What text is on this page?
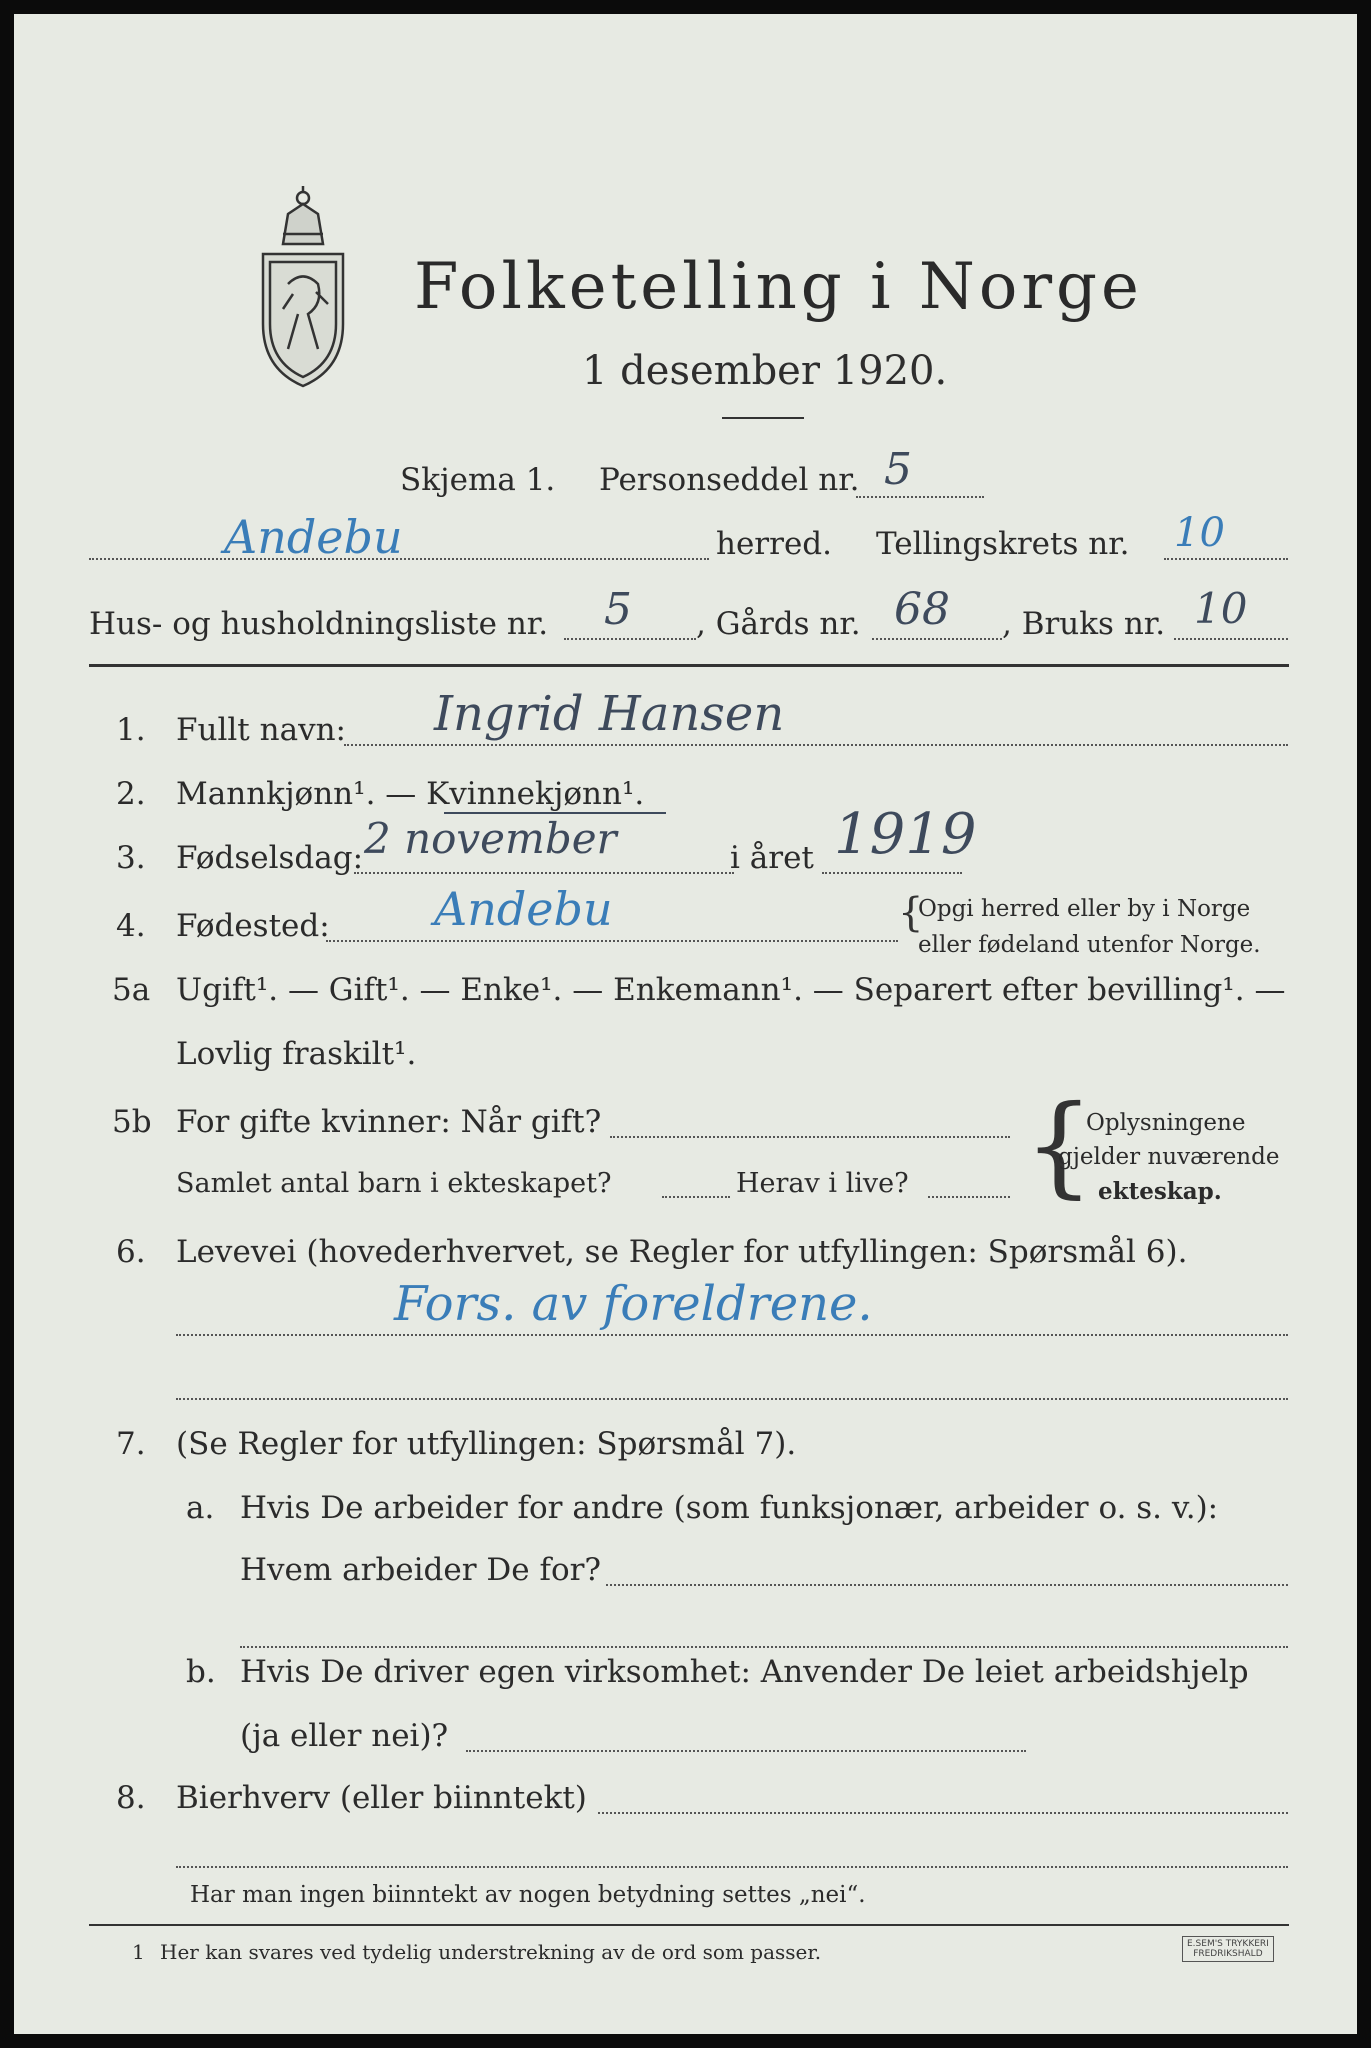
Folketelling i Norge
1 desember 1920.
Skjema 1. Personseddel nr. 5
Andebu	herred. Tellingskrets nr. 10
Hus- og husholdningsliste nr. 5 , Gårds nr. 68 , Bruks nr. 10
1. Fullt navn: Ingrid Hansen
2. Mannkjønn¹. — Kvinnekjønn¹.
3. Fødselsdag: 2 november	i året 1919
4. Fødested: Andebu	{
Opgi herred eller by i Norge
eller fødeland utenfor Norge.
5a Ugift¹. — Gift¹. — Enke¹. — Enkemann¹. — Separert efter bevilling¹. —
Lovlig fraskilt¹.
5b For gifte kvinner: Når gift?
Samlet antal barn i ekteskapet?	Herav i live? {
Oplysningene
gjelder nuværende
ekteskap.
6. Levevei (hovederhvervet, se Regler for utfyllingen: Spørsmål 6).
Fors. av foreldrene.
7. (Se Regler for utfyllingen: Spørsmål 7).
a. Hvis De arbeider for andre (som funksjonær, arbeider o. s. v.):
Hvem arbeider De for?
b. Hvis De driver egen virksomhet: Anvender De leiet arbeidshjelp
(ja eller nei)?
8. Bierhverv (eller biinntekt)
Har man ingen biinntekt av nogen betydning settes „nei“.
1 Her kan svares ved tydelig understrekning av de ord som passer.	E.SEM'S TRYKKERI
FREDRIKSHALD
